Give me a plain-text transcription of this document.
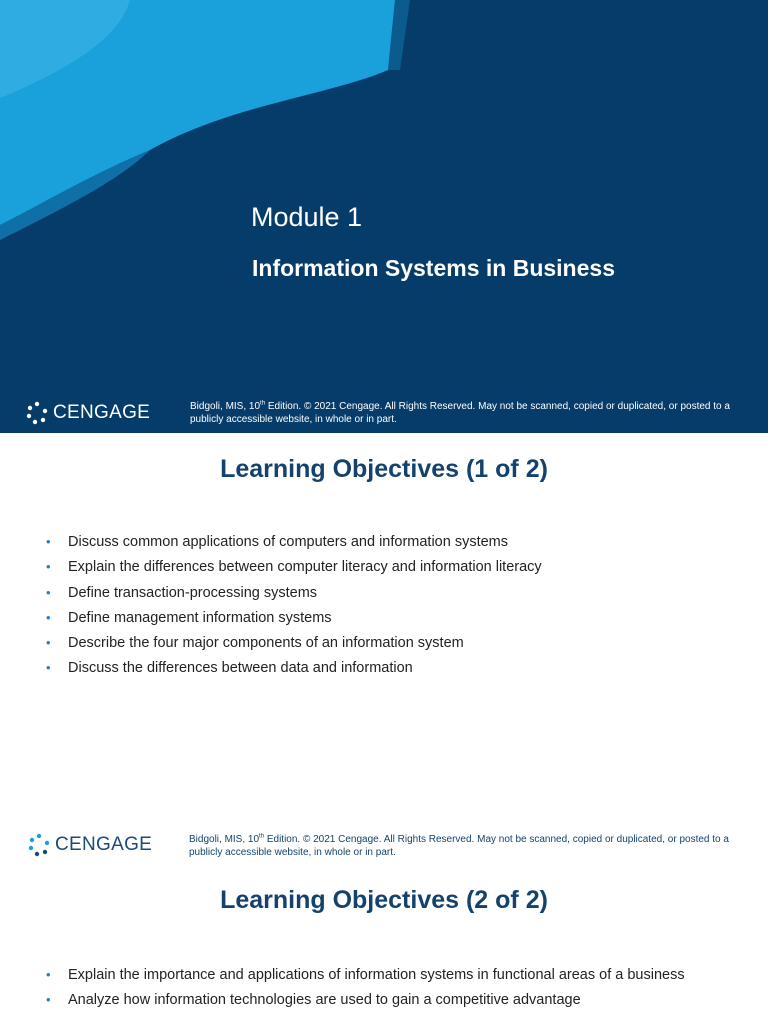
Module 1
Information Systems in Business
CENGAGE	Bidgoli, MIS, 10th Edition. © 2021 Cengage. All Rights Reserved. May not be scanned, copied or duplicated, or posted to a publicly accessible website, in whole or in part.
Learning Objectives (1 of 2)
• Discuss common applications of computers and information systems
• Explain the differences between computer literacy and information literacy
• Define transaction-processing systems
• Define management information systems
• Describe the four major components of an information system
• Discuss the differences between data and information
CENGAGE	Bidgoli, MIS, 10th Edition. © 2021 Cengage. All Rights Reserved. May not be scanned, copied or duplicated, or posted to a publicly accessible website, in whole or in part.
Learning Objectives (2 of 2)
• Explain the importance and applications of information systems in functional areas of a business
• Analyze how information technologies are used to gain a competitive advantage
